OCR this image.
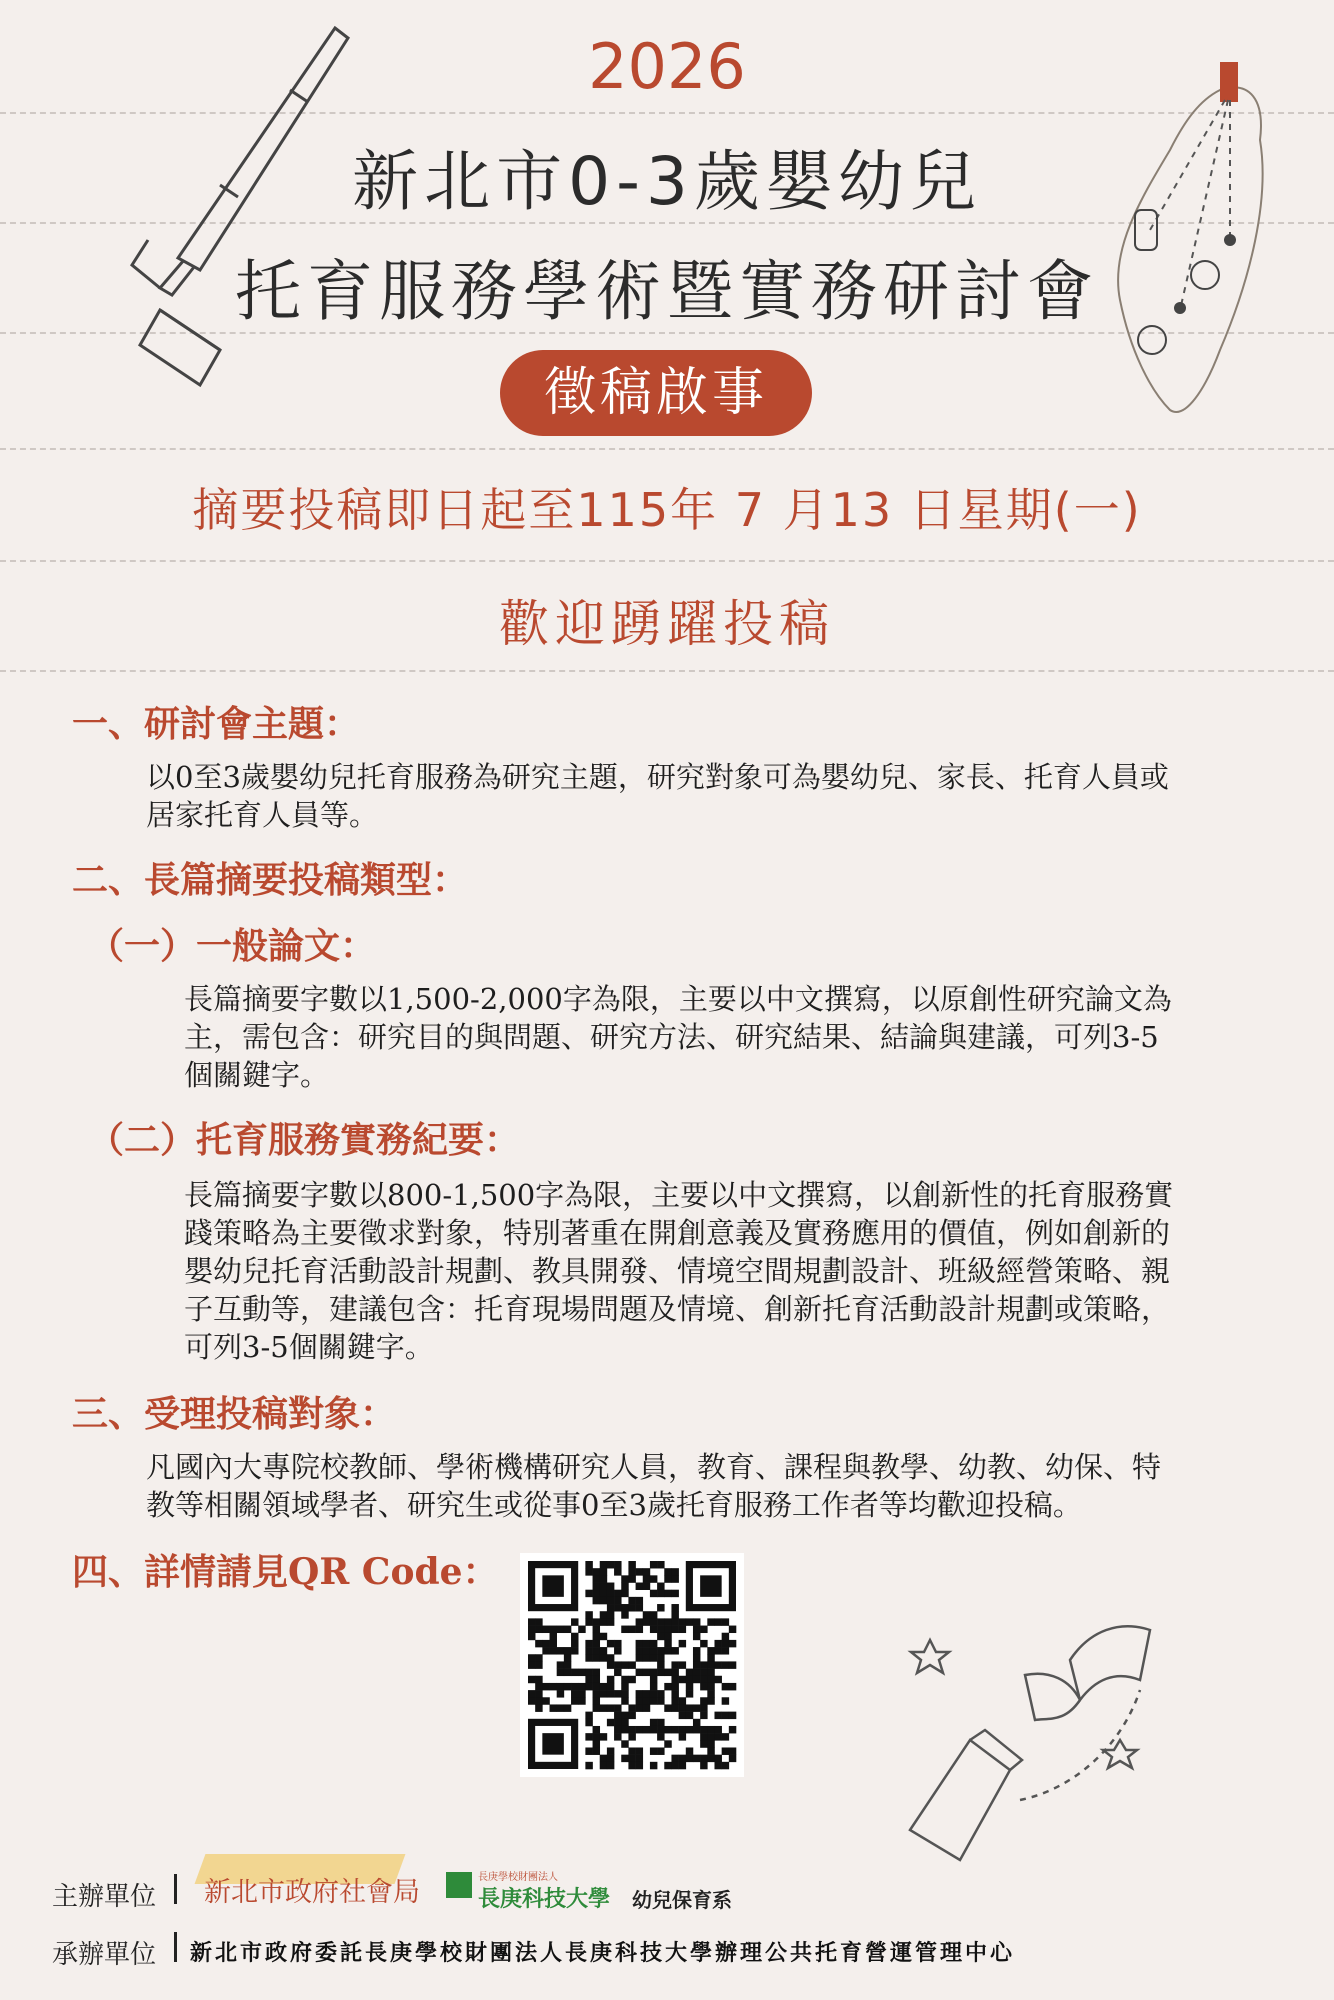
2026
新北市0-3歲嬰幼兒
托育服務學術暨實務研討會
徵稿啟事
摘要投稿即日起至115年 7 月13 日星期(一)
歡迎踴躍投稿
一、研討會主題：
以0至3歲嬰幼兒托育服務為研究主題，研究對象可為嬰幼兒、家長、托育人員或
居家托育人員等。
二、長篇摘要投稿類型：
（一）一般論文：
長篇摘要字數以1,500-2,000字為限，主要以中文撰寫，以原創性研究論文為
主，需包含：研究目的與問題、研究方法、研究結果、結論與建議，可列3-5
個關鍵字。
（二）托育服務實務紀要：
長篇摘要字數以800-1,500字為限，主要以中文撰寫，以創新性的托育服務實
踐策略為主要徵求對象，特別著重在開創意義及實務應用的價值，例如創新的
嬰幼兒托育活動設計規劃、教具開發、情境空間規劃設計、班級經營策略、親
子互動等，建議包含：托育現場問題及情境、創新托育活動設計規劃或策略，
可列3-5個關鍵字。
三、受理投稿對象：
凡國內大專院校教師、學術機構研究人員，教育、課程與教學、幼教、幼保、特
教等相關領域學者、研究生或從事0至3歲托育服務工作者等均歡迎投稿。
四、詳情請見QR Code：
主辦單位 新北市政府社會局	長庚學校財團法人
長庚科技大學 幼兒保育系
承辦單位 新北市政府委託長庚學校財團法人長庚科技大學辦理公共托育營運管理中心
